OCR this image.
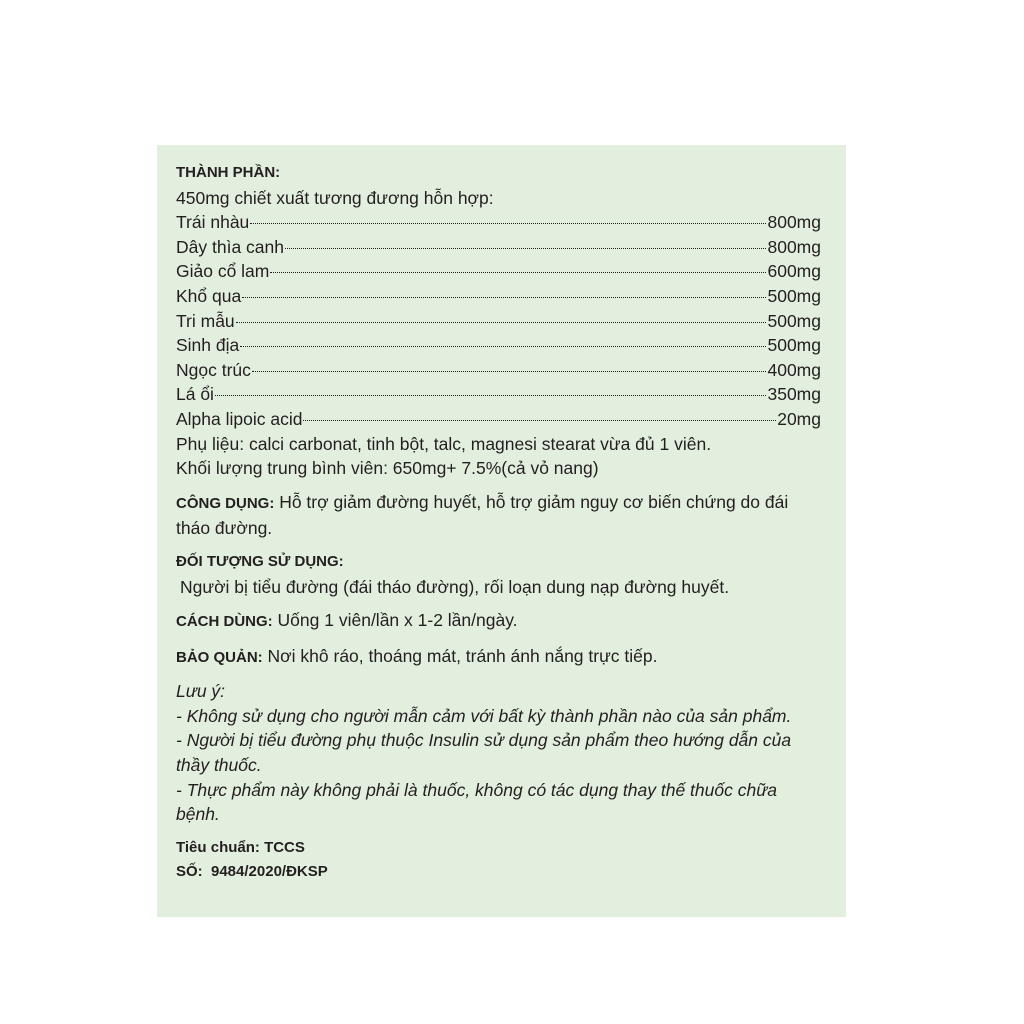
THÀNH PHẦN:
450mg chiết xuất tương đương hỗn hợp:
Trái nhàu	800mg
Dây thìa canh	800mg
Giảo cổ lam	600mg
Khổ qua	500mg
Tri mẫu	500mg
Sinh địa	500mg
Ngọc trúc	400mg
Lá ổi	350mg
Alpha lipoic acid	20mg
Phụ liệu: calci carbonat, tinh bột, talc, magnesi stearat vừa đủ 1 viên.
Khối lượng trung bình viên: 650mg+ 7.5%(cả vỏ nang)
CÔNG DỤNG: Hỗ trợ giảm đường huyết, hỗ trợ giảm nguy cơ biến chứng do đái tháo đường.
ĐỐI TƯỢNG SỬ DỤNG:
Người bị tiểu đường (đái tháo đường), rối loạn dung nạp đường huyết.
CÁCH DÙNG: Uống 1 viên/lần x 1-2 lần/ngày.
BẢO QUẢN: Nơi khô ráo, thoáng mát, tránh ánh nắng trực tiếp.
Lưu ý:
- Không sử dụng cho người mẫn cảm với bất kỳ thành phần nào của sản phẩm.
- Người bị tiểu đường phụ thuộc Insulin sử dụng sản phẩm theo hướng dẫn của thầy thuốc.
- Thực phẩm này không phải là thuốc, không có tác dụng thay thế thuốc chữa bệnh.
Tiêu chuẩn: TCCS
SỐ:  9484/2020/ĐKSP
